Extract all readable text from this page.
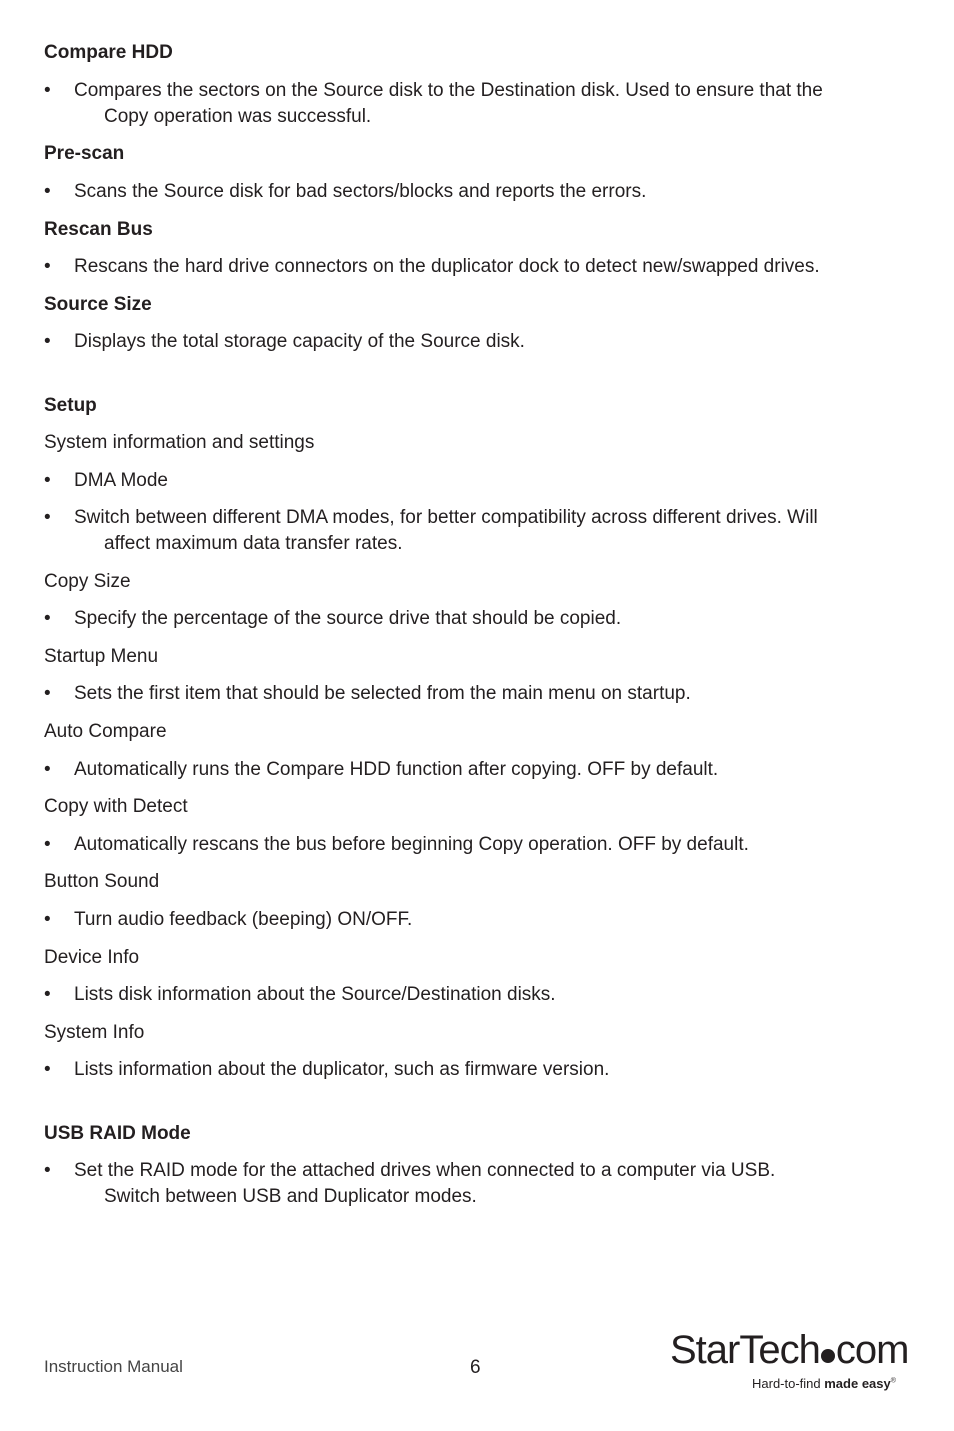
Compare HDD
•	Compares the sectors on the Source disk to the Destination disk. Used to ensure that the
Copy operation was successful.
Pre-scan
•	Scans the Source disk for bad sectors/blocks and reports the errors.
Rescan Bus
•	Rescans the hard drive connectors on the duplicator dock to detect new/swapped drives.
Source Size
•	Displays the total storage capacity of the Source disk.
Setup
System information and settings
•	DMA Mode
•	Switch between different DMA modes, for better compatibility across different drives. Will
affect maximum data transfer rates.
Copy Size
•	Specify the percentage of the source drive that should be copied.
Startup Menu
•	Sets the first item that should be selected from the main menu on startup.
Auto Compare
•	Automatically runs the Compare HDD function after copying. OFF by default.
Copy with Detect
•	Automatically rescans the bus before beginning Copy operation. OFF by default.
Button Sound
•	Turn audio feedback (beeping) ON/OFF.
Device Info
•	Lists disk information about the Source/Destination disks.
System Info
•	Lists information about the duplicator, such as firmware version.
USB RAID Mode
•	Set the RAID mode for the attached drives when connected to a computer via USB.
Switch between USB and Duplicator modes.
Instruction Manual	6	StarTech com
Hard-to-find made easy®
